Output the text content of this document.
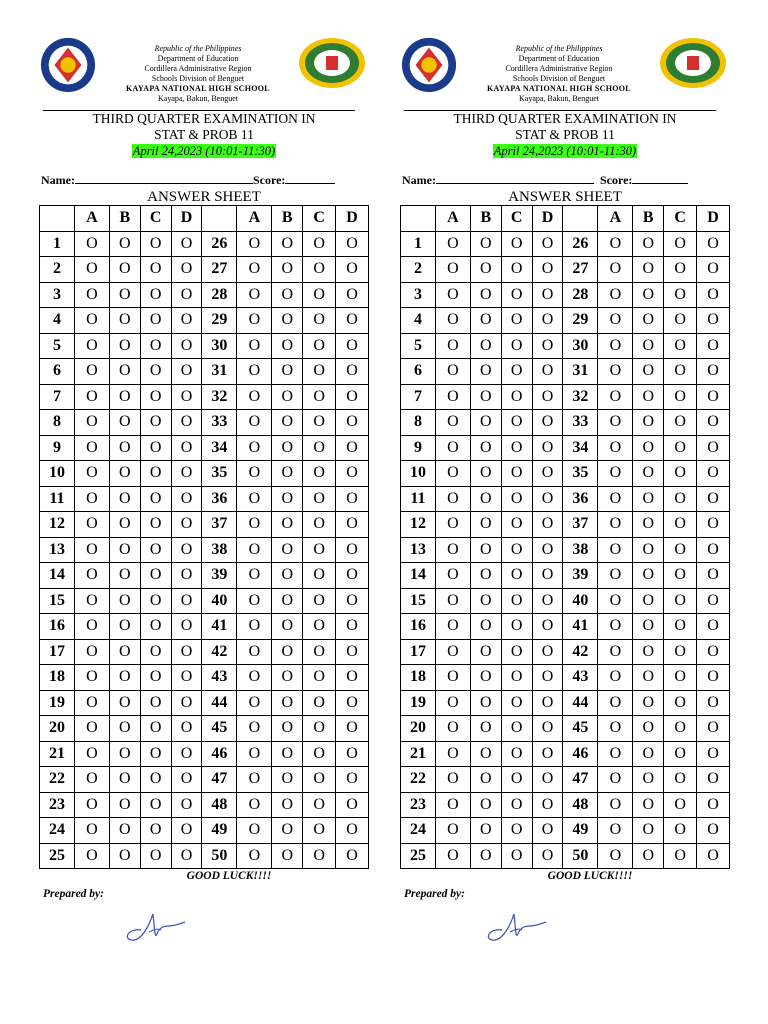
Republic of the Philippines
Department of Education
Cordillera Administrative Region
Schools Division of Benguet
KAYAPA NATIONAL HIGH SCHOOL
Kayapa, Bakun, Benguet
THIRD QUARTER EXAMINATION IN
STAT & PROB 11
April 24,2023 (10:01-11:30)
Name:	Score:
ANSWER SHEET
	A	B	C	D		A	B	C	D
1	O	O	O	O	26	O	O	O	O
2	O	O	O	O	27	O	O	O	O
3	O	O	O	O	28	O	O	O	O
4	O	O	O	O	29	O	O	O	O
5	O	O	O	O	30	O	O	O	O
6	O	O	O	O	31	O	O	O	O
7	O	O	O	O	32	O	O	O	O
8	O	O	O	O	33	O	O	O	O
9	O	O	O	O	34	O	O	O	O
10	O	O	O	O	35	O	O	O	O
11	O	O	O	O	36	O	O	O	O
12	O	O	O	O	37	O	O	O	O
13	O	O	O	O	38	O	O	O	O
14	O	O	O	O	39	O	O	O	O
15	O	O	O	O	40	O	O	O	O
16	O	O	O	O	41	O	O	O	O
17	O	O	O	O	42	O	O	O	O
18	O	O	O	O	43	O	O	O	O
19	O	O	O	O	44	O	O	O	O
20	O	O	O	O	45	O	O	O	O
21	O	O	O	O	46	O	O	O	O
22	O	O	O	O	47	O	O	O	O
23	O	O	O	O	48	O	O	O	O
24	O	O	O	O	49	O	O	O	O
25	O	O	O	O	50	O	O	O	O
GOOD LUCK!!!!
Prepared by:
Republic of the Philippines
Department of Education
Cordillera Administrative Region
Schools Division of Benguet
KAYAPA NATIONAL HIGH SCHOOL
Kayapa, Bakun, Benguet
THIRD QUARTER EXAMINATION IN
STAT & PROB 11
April 24,2023 (10:01-11:30)
Name:	Score:
ANSWER SHEET
	A	B	C	D		A	B	C	D
1	O	O	O	O	26	O	O	O	O
2	O	O	O	O	27	O	O	O	O
3	O	O	O	O	28	O	O	O	O
4	O	O	O	O	29	O	O	O	O
5	O	O	O	O	30	O	O	O	O
6	O	O	O	O	31	O	O	O	O
7	O	O	O	O	32	O	O	O	O
8	O	O	O	O	33	O	O	O	O
9	O	O	O	O	34	O	O	O	O
10	O	O	O	O	35	O	O	O	O
11	O	O	O	O	36	O	O	O	O
12	O	O	O	O	37	O	O	O	O
13	O	O	O	O	38	O	O	O	O
14	O	O	O	O	39	O	O	O	O
15	O	O	O	O	40	O	O	O	O
16	O	O	O	O	41	O	O	O	O
17	O	O	O	O	42	O	O	O	O
18	O	O	O	O	43	O	O	O	O
19	O	O	O	O	44	O	O	O	O
20	O	O	O	O	45	O	O	O	O
21	O	O	O	O	46	O	O	O	O
22	O	O	O	O	47	O	O	O	O
23	O	O	O	O	48	O	O	O	O
24	O	O	O	O	49	O	O	O	O
25	O	O	O	O	50	O	O	O	O
GOOD LUCK!!!!
Prepared by:
